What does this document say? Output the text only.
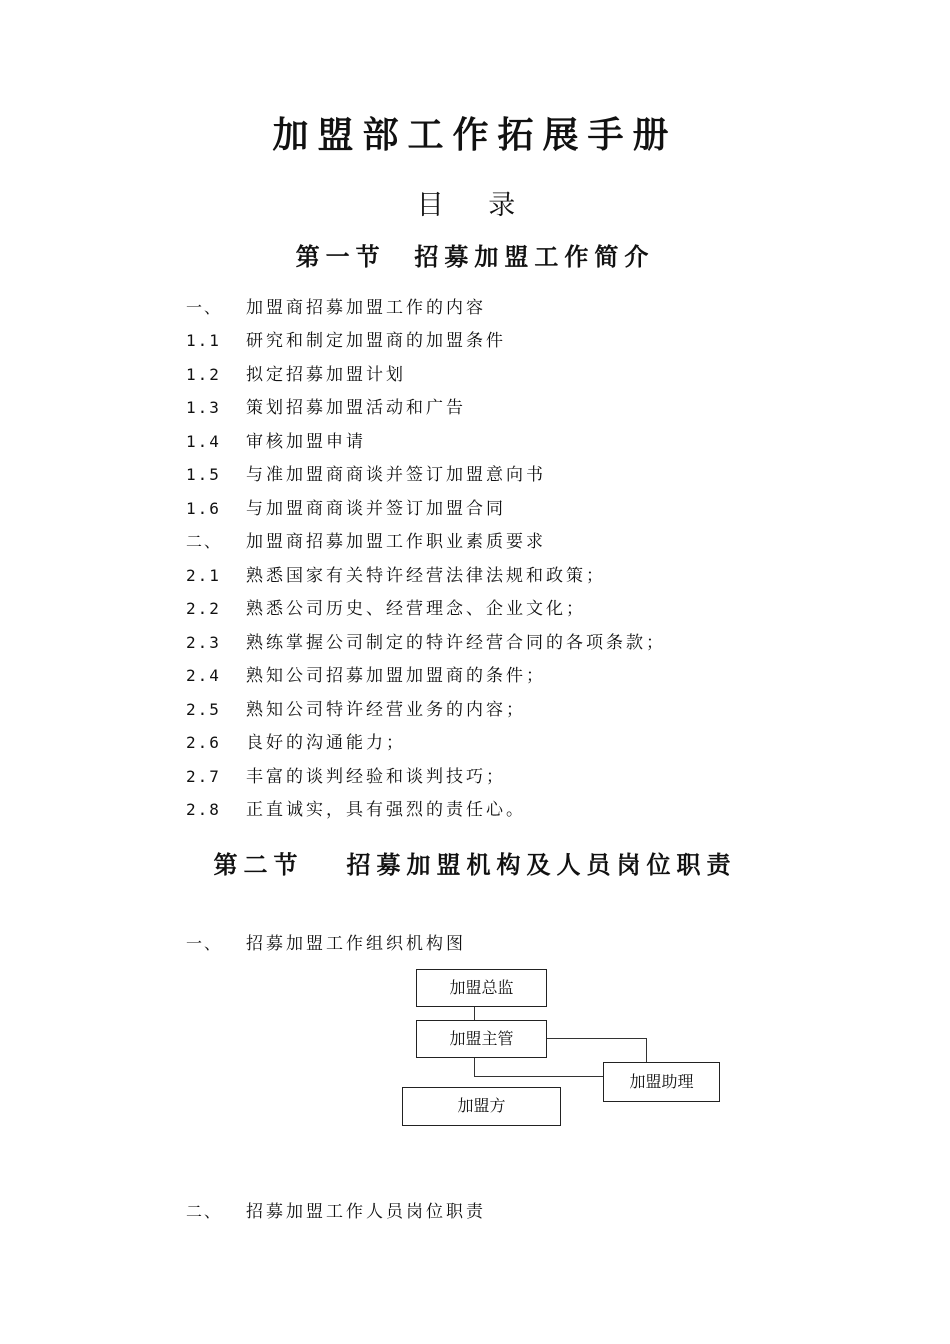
加盟部工作拓展手册
目 录
第一节  招募加盟工作简介
一、 加盟商招募加盟工作的内容
1.1 研究和制定加盟商的加盟条件
1.2 拟定招募加盟计划
1.3 策划招募加盟活动和广告
1.4 审核加盟申请
1.5 与准加盟商商谈并签订加盟意向书
1.6 与加盟商商谈并签订加盟合同
二、 加盟商招募加盟工作职业素质要求
2.1 熟悉国家有关特许经营法律法规和政策；
2.2 熟悉公司历史、经营理念、企业文化；
2.3 熟练掌握公司制定的特许经营合同的各项条款；
2.4 熟知公司招募加盟加盟商的条件；
2.5 熟知公司特许经营业务的内容；
2.6 良好的沟通能力；
2.7 丰富的谈判经验和谈判技巧；
2.8 正直诚实，具有强烈的责任心。
第二节   招募加盟机构及人员岗位职责
一、 招募加盟工作组织机构图
加盟总监
加盟主管
加盟助理
加盟方
二、 招募加盟工作人员岗位职责
